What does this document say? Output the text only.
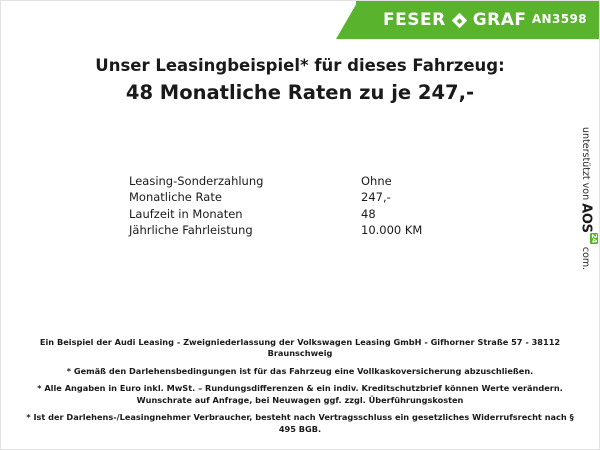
FESER GRAF AN3598
Unser Leasingbeispiel* für dieses Fahrzeug:
48 Monatliche Raten zu je 247,-
Leasing-Sonderzahlung	Ohne
Monatliche Rate	247,-
Laufzeit in Monaten	48
Jährliche Fahrleistung	10.000 KM

Ein Beispiel der Audi Leasing - Zweigniederlassung der Volkswagen Leasing GmbH - Gifhorner Straße 57 - 38112 Braunschweig

* Gemäß den Darlehensbedingungen ist für das Fahrzeug eine Vollkaskoversicherung abzuschließen.

* Alle Angaben in Euro inkl. MwSt. – Rundungsdifferenzen & ein indiv. Kreditschutzbrief können Werte verändern. Wunschrate auf Anfrage, bei Neuwagen ggf. zzgl. Überführungskosten

* Ist der Darlehens-/Leasingnehmer Verbraucher, besteht nach Vertragsschluss ein gesetzliches Widerrufsrecht nach § 495 BGB.

.com
AOS$^{24}$
unterstützt von
